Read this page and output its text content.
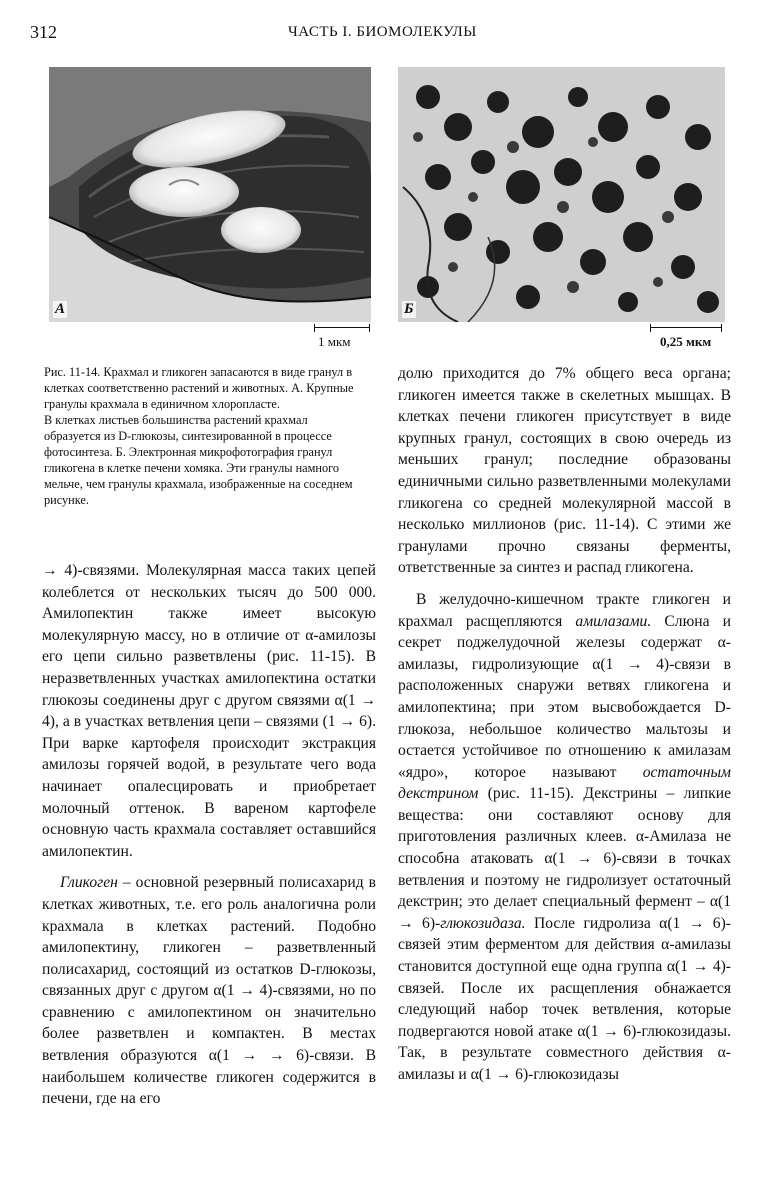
312	ЧАСТЬ I. БИОМОЛЕКУЛЫ
А
1 мкм
Б
0,25 мкм

Рис. 11-14. Крахмал и гликоген запасаются в виде гранул в клетках соответственно растений и животных. А. Крупные гранулы крахмала в единичном хлоропласте.

В клетках листьев большинства растений крахмал образуется из D-глюкозы, синтезированной в процессе фотосинтеза. Б. Электронная микрофотография гранул гликогена в клетке печени хомяка. Эти гранулы намного мельче, чем гранулы крахмала, изображенные на соседнем рисунке.

→ 4)-связями. Молекулярная масса таких цепей колеблется от нескольких тысяч до 500 000. Амилопектин также имеет высокую молекулярную массу, но в отличие от α-амилозы его цепи сильно разветвлены (рис. 11-15). В неразветвленных участках амилопектина остатки глюкозы соединены друг с другом связями α(1 → 4), а в участках ветвления цепи – связями (1 → 6). При варке картофеля происходит экстракция амилозы горячей водой, в результате чего вода начинает опалесцировать и приобретает молочный оттенок. В вареном картофеле основную часть крахмала составляет оставшийся амилопектин.

Гликоген – основной резервный полисахарид в клетках животных, т.е. его роль аналогична роли крахмала в клетках растений. Подобно амилопектину, гликоген – разветвленный полисахарид, состоящий из остатков D-глюкозы, связанных друг с другом α(1 → 4)-связями, но по сравнению с амилопектином он значительно более разветвлен и компактен. В местах ветвления образуются α(1 → → 6)-связи. В наибольшем количестве гликоген содержится в печени, где на его

долю приходится до 7% общего веса органа; гликоген имеется также в скелетных мышцах. В клетках печени гликоген присутствует в виде крупных гранул, состоящих в свою очередь из меньших гранул; последние образованы единичными сильно разветвленными молекулами гликогена со средней молекулярной массой в несколько миллионов (рис. 11-14). С этими же гранулами прочно связаны ферменты, ответственные за синтез и распад гликогена.

В желудочно-кишечном тракте гликоген и крахмал расщепляются амилазами. Слюна и секрет поджелудочной железы содержат α-амилазы, гидролизующие α(1 → 4)-связи в расположенных снаружи ветвях гликогена и амилопектина; при этом высвобождается D-глюкоза, небольшое количество мальтозы и остается устойчивое по отношению к амилазам «ядро», которое называют остаточным декстрином (рис. 11-15). Декстрины – липкие вещества: они составляют основу для приготовления различных клеев. α-Амилаза не способна атаковать α(1 → 6)-связи в точках ветвления и поэтому не гидролизует остаточный декстрин; это делает специальный фермент – α(1 → 6)-глюкозидаза. После гидролиза α(1 → 6)-связей этим ферментом для действия α-амилазы становится доступной еще одна группа α(1 → 4)-связей. После их расщепления обнажается следующий набор точек ветвления, которые подвергаются новой атаке α(1 → 6)-глюкозидазы. Так, в результате совместного действия α-амилазы и α(1 → 6)-глюкозидазы
